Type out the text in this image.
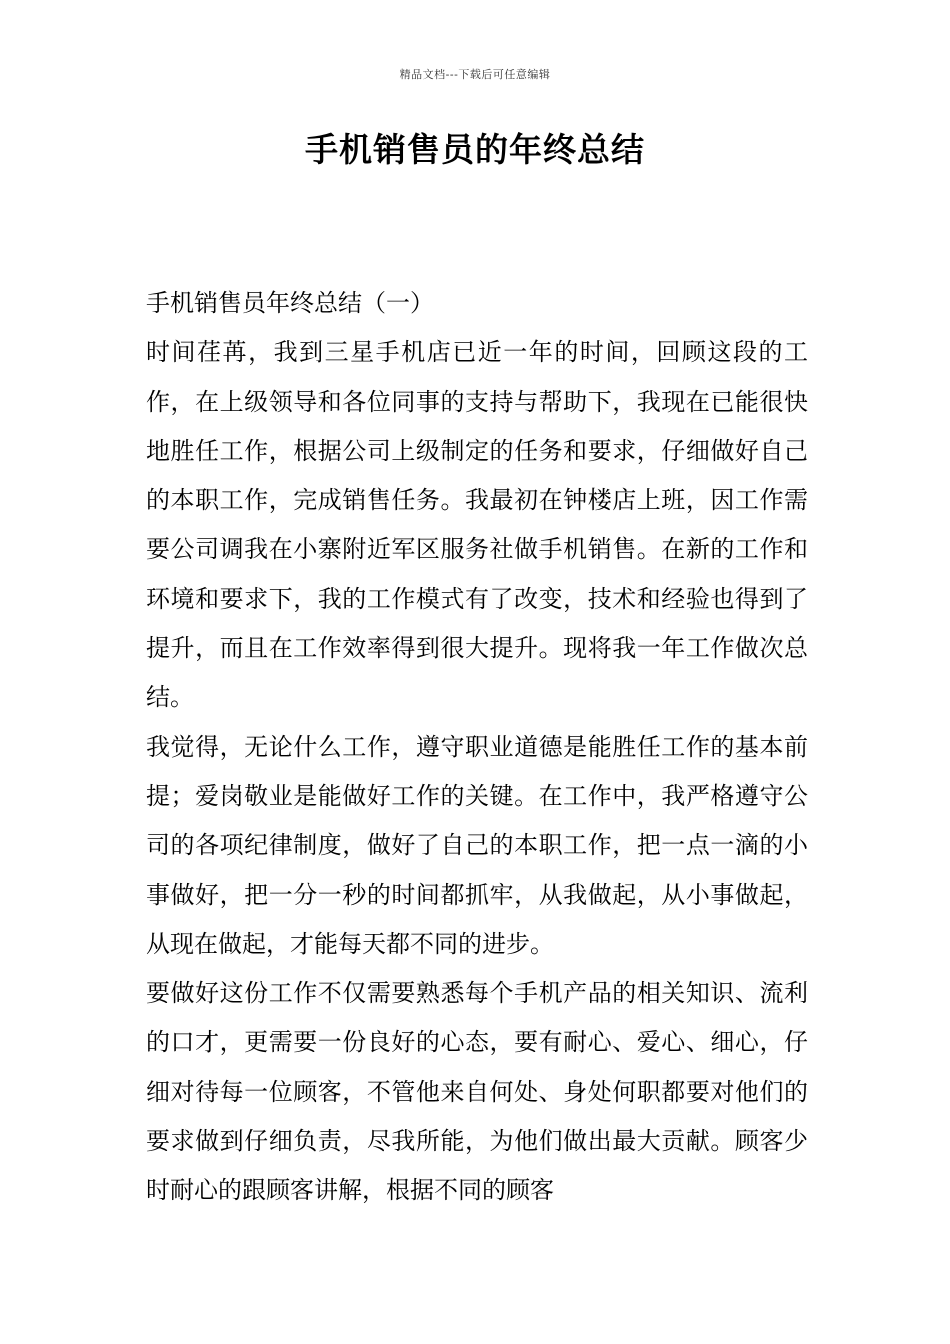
精品文档---下载后可任意编辑
手机销售员的年终总结

手机销售员年终总结（一）

时间荏苒，我到三星手机店已近一年的时间，回顾这段的工作，在上级领导和各位同事的支持与帮助下，我现在已能很快地胜任工作，根据公司上级制定的任务和要求，仔细做好自己的本职工作，完成销售任务。我最初在钟楼店上班，因工作需要公司调我在小寨附近军区服务社做手机销售。在新的工作和环境和要求下，我的工作模式有了改变，技术和经验也得到了提升，而且在工作效率得到很大提升。现将我一年工作做次总结。

我觉得，无论什么工作，遵守职业道德是能胜任工作的基本前提；爱岗敬业是能做好工作的关键。在工作中，我严格遵守公司的各项纪律制度，做好了自己的本职工作，把一点一滴的小事做好，把一分一秒的时间都抓牢，从我做起，从小事做起，从现在做起，才能每天都不同的进步。

要做好这份工作不仅需要熟悉每个手机产品的相关知识、流利的口才，更需要一份良好的心态，要有耐心、爱心、细心，仔细对待每一位顾客，不管他来自何处、身处何职都要对他们的要求做到仔细负责，尽我所能，为他们做出最大贡献。顾客少时耐心的跟顾客讲解，根据不同的顾客
